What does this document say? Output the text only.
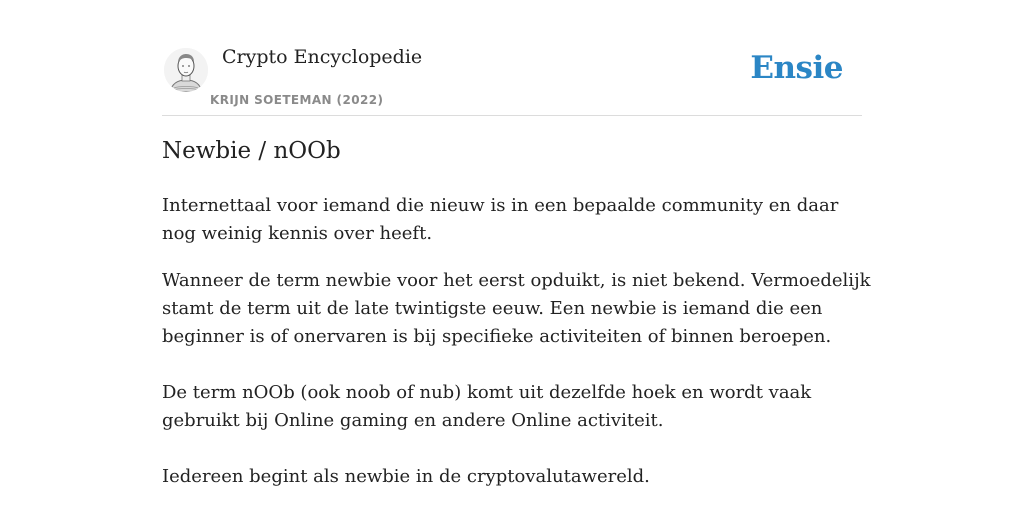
Crypto Encyclopedie
KRIJN SOETEMAN (2022)
Ensie
Newbie / nOOb

Internettaal voor iemand die nieuw is in een bepaalde community en daar nog weinig kennis over heeft.

Wanneer de term newbie voor het eerst opduikt, is niet bekend. Vermoedelijk stamt de term uit de late twintigste eeuw. Een newbie is iemand die een beginner is of onervaren is bij specifieke activiteiten of binnen beroepen.

De term nOOb (ook noob of nub) komt uit dezelfde hoek en wordt vaak gebruikt bij Online gaming en andere Online activiteit.

Iedereen begint als newbie in de cryptovalutawereld.
